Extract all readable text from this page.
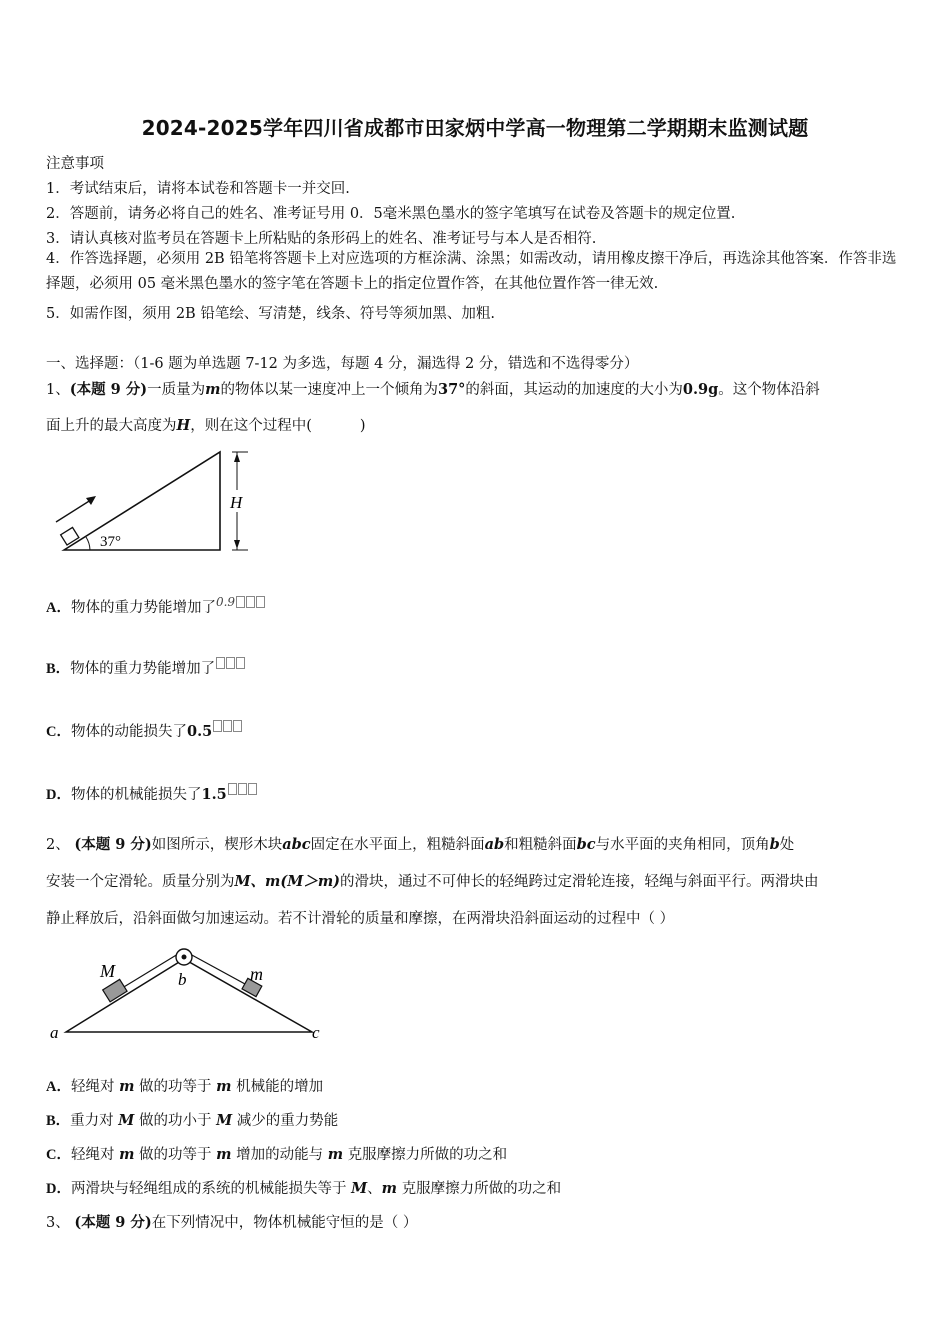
2024-2025学年四川省成都市田家炳中学高一物理第二学期期末监测试题
注意事项
1．考试结束后，请将本试卷和答题卡一并交回.
2．答题前，请务必将自己的姓名、准考证号用 0．5毫米黑色墨水的签字笔填写在试卷及答题卡的规定位置.
3．请认真核对监考员在答题卡上所粘贴的条形码上的姓名、准考证号与本人是否相符.
4．作答选择题，必须用 2B 铅笔将答题卡上对应选项的方框涂满、涂黑；如需改动，请用橡皮擦干净后，再选涂其他答案．作答非选择题，必须用 05 毫米黑色墨水的签字笔在答题卡上的指定位置作答，在其他位置作答一律无效.
5．如需作图，须用 2B 铅笔绘、写清楚，线条、符号等须加黑、加粗.
一、选择题：（1-6 题为单选题 7-12 为多选，每题 4 分，漏选得 2 分，错选和不选得零分）
1、(本题 9 分)一质量为m的物体以某一速度冲上一个倾角为37°的斜面，其运动的加速度的大小为0.9g。这个物体沿斜
面上升的最大高度为H，则在这个过程中(	)
37°
H
A．物体的重力势能增加了$^{0.9}$
B．物体的重力势能增加了
C．物体的动能损失了0.5
D．物体的机械能损失了1.5
2、 (本题 9 分)如图所示，楔形木块abc固定在水平面上，粗糙斜面ab和粗糙斜面bc与水平面的夹角相同，顶角b处
安装一个定滑轮。质量分别为M、m(M＞m)的滑块，通过不可伸长的轻绳跨过定滑轮连接，轻绳与斜面平行。两滑块由
静止释放后，沿斜面做匀加速运动。若不计滑轮的质量和摩擦，在两滑块沿斜面运动的过程中（ ）
M	m
b
a	c
A．轻绳对 m 做的功等于 m 机械能的增加
B．重力对 M 做的功小于 M 减少的重力势能
C．轻绳对 m 做的功等于 m 增加的动能与 m 克服摩擦力所做的功之和
D．两滑块与轻绳组成的系统的机械能损失等于 M、m 克服摩擦力所做的功之和
3、 (本题 9 分)在下列情况中，物体机械能守恒的是（ ）
